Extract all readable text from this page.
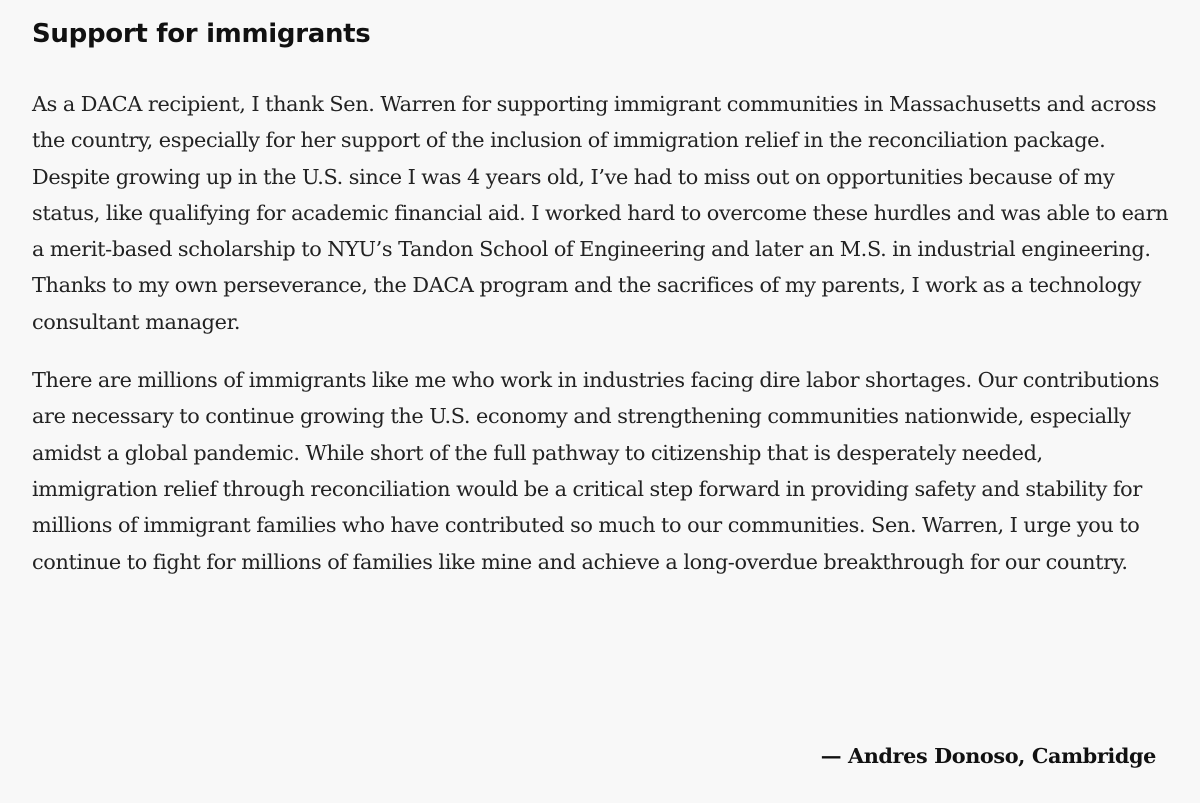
Support for immigrants

As a DACA recipient, I thank Sen. Warren for supporting immigrant communities in Massachusetts and across the country, especially for her support of the inclusion of immigration relief in the reconciliation package. Despite growing up in the U.S. since I was 4 years old, I’ve had to miss out on opportunities because of my status, like qualifying for academic financial aid. I worked hard to overcome these hurdles and was able to earn a merit-based scholarship to NYU’s Tandon School of Engineering and later an M.S. in industrial engineering. Thanks to my own perseverance, the DACA program and the sacrifices of my parents, I work as a technology consultant manager.

There are millions of immigrants like me who work in industries facing dire labor shortages. Our contributions are necessary to continue growing the U.S. economy and strengthening communities nationwide, especially amidst a global pandemic. While short of the full pathway to citizenship that is desperately needed, immigration relief through reconciliation would be a critical step forward in providing safety and stability for millions of immigrant families who have contributed so much to our communities. Sen. Warren, I urge you to continue to fight for millions of families like mine and achieve a long-overdue breakthrough for our country.

— Andres Donoso, Cambridge
